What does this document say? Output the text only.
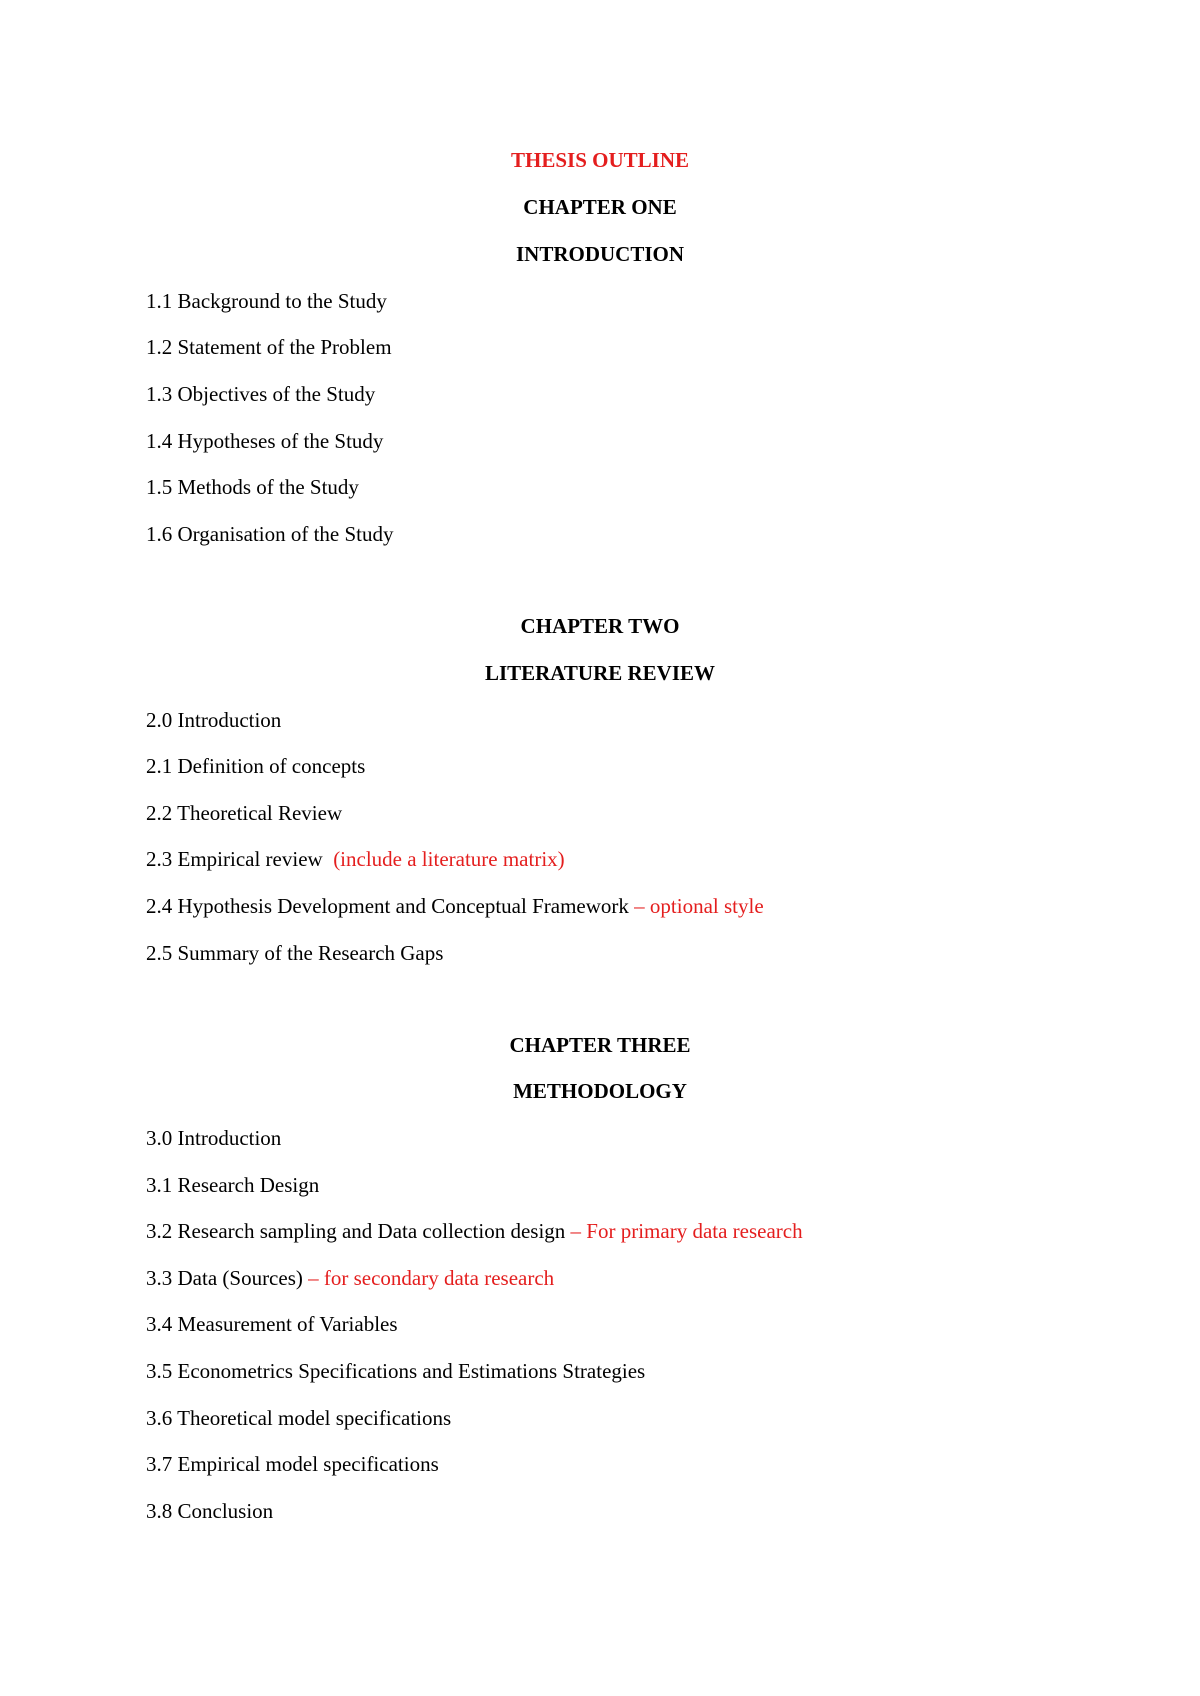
THESIS OUTLINE
CHAPTER ONE
INTRODUCTION
1.1 Background to the Study
1.2 Statement of the Problem
1.3 Objectives of the Study
1.4 Hypotheses of the Study
1.5 Methods of the Study
1.6 Organisation of the Study
CHAPTER TWO
LITERATURE REVIEW
2.0 Introduction
2.1 Definition of concepts
2.2 Theoretical Review
2.3 Empirical review  (include a literature matrix)
2.4 Hypothesis Development and Conceptual Framework – optional style
2.5 Summary of the Research Gaps
CHAPTER THREE
METHODOLOGY
3.0 Introduction
3.1 Research Design
3.2 Research sampling and Data collection design – For primary data research
3.3 Data (Sources) – for secondary data research
3.4 Measurement of Variables
3.5 Econometrics Specifications and Estimations Strategies
3.6 Theoretical model specifications
3.7 Empirical model specifications
3.8 Conclusion
